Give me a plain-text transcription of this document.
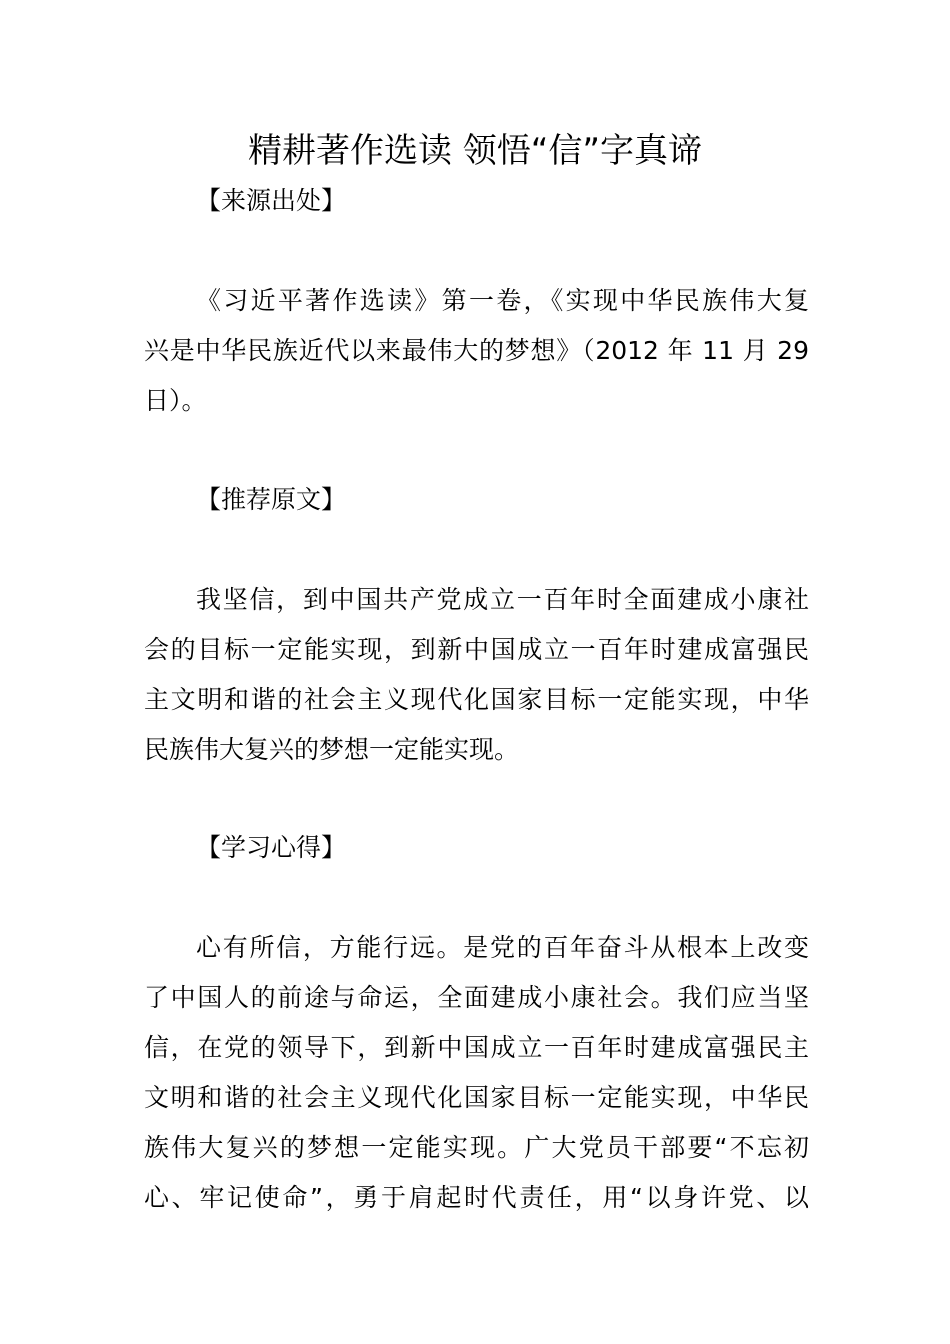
精耕著作选读 领悟“信”字真谛
【来源出处】
《习近平著作选读》第一卷，《实现中华民族伟大复
兴是中华民族近代以来最伟大的梦想》（2012 年 11 月 29
日）。
【推荐原文】
我坚信，到中国共产党成立一百年时全面建成小康社
会的目标一定能实现，到新中国成立一百年时建成富强民
主文明和谐的社会主义现代化国家目标一定能实现，中华
民族伟大复兴的梦想一定能实现。
【学习心得】
心有所信，方能行远。是党的百年奋斗从根本上改变
了中国人的前途与命运，全面建成小康社会。我们应当坚
信，在党的领导下，到新中国成立一百年时建成富强民主
文明和谐的社会主义现代化国家目标一定能实现，中华民
族伟大复兴的梦想一定能实现。广大党员干部要“不忘初
心、牢记使命”，勇于肩起时代责任，用“以身许党、以
